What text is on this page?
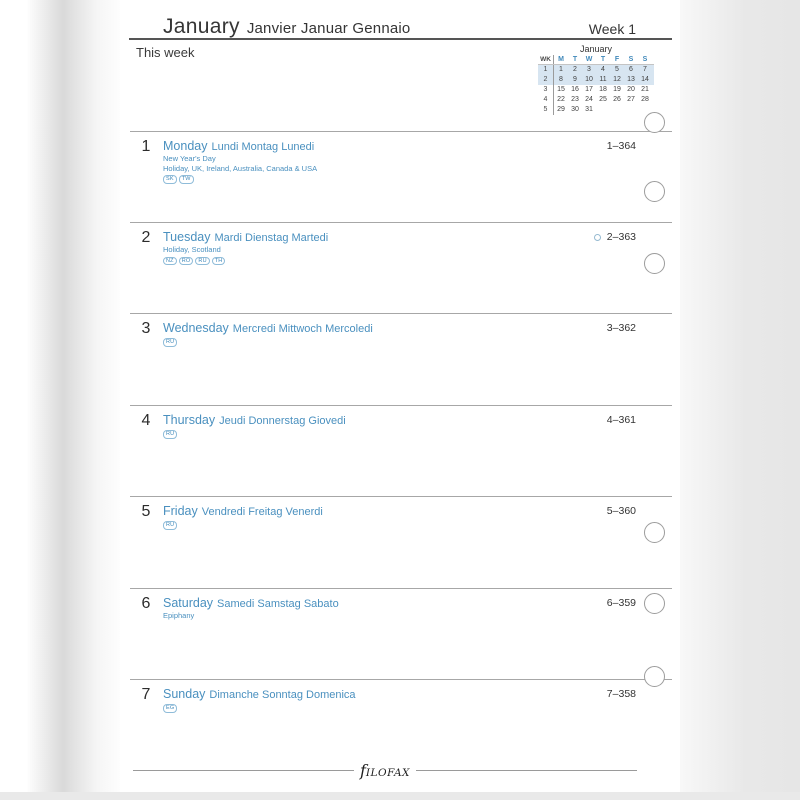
January Janvier Januar Gennaio	Week 1
This week	January
WK	M	T	W	T	F	S	S
1	1	2	3	4	5	6	7
2	8	9	10 11 12 13 14
3	15 16 17 18 19 20 21
4	22 23 24 25 26 27 28
5	29 30 31
1 Monday Lundi Montag Lunedi
New Year's Day
Holiday, UK, Ireland, Australia, Canada & USA
SK	TW
1–364
2 Tuesday Mardi Dienstag Martedi
Holiday, Scotland
NZ	RO	RU	TH
2–363
3 Wednesday Mercredi Mittwoch Mercoledi
RU
3–362
4 Thursday Jeudi Donnerstag Giovedi
RU
4–361
5 Friday Vendredi Freitag Venerdi
RU
5–360
6 Saturday Samedi Samstag Sabato
Epiphany
6–359
7 Sunday Dimanche Sonntag Domenica
EG
7–358
fILOFAX
